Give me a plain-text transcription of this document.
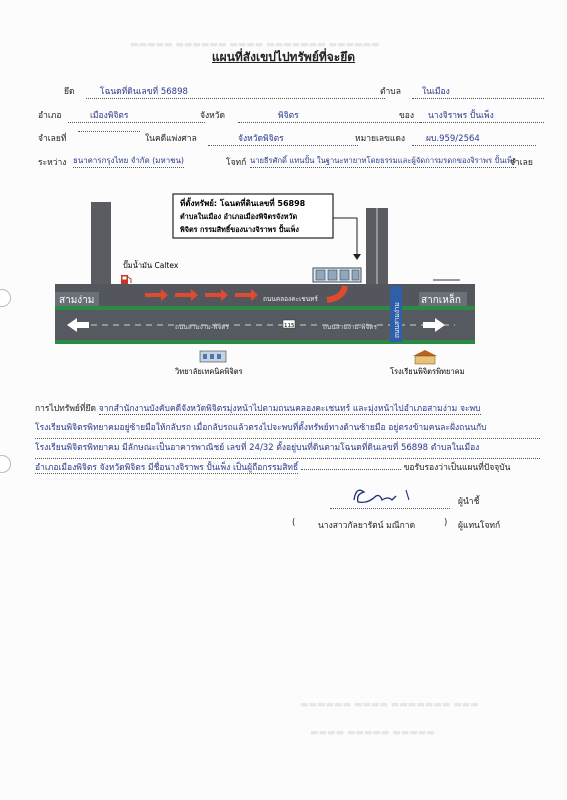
▬▬▬▬▬ ▬▬▬▬▬▬ ▬▬▬▬ ▬▬▬▬▬▬▬ ▬▬▬▬▬▬
▬▬▬▬▬▬ ▬▬▬▬ ▬▬▬▬▬▬▬ ▬▬▬
▬▬▬▬ ▬▬▬▬▬ ▬▬▬▬▬
แผนที่สังเขปไปทรัพย์ที่จะยึด
ยึด	โฉนดที่ดินเลขที่ 56898	ตำบล	ในเมือง
อำเภอ	เมืองพิจิตร	จังหวัด	พิจิตร	ของ	นางจิราพร ปั้นเพ็ง
จำเลยที่	ในคดีแพ่งศาล	จังหวัดพิจิตร	หมายเลขแดง	ผบ.959/2564
ระหว่าง ธนาคารกรุงไทย จำกัด (มหาชน)	โจทก์ นายธีรศักดิ์ แทนปั้น ในฐานะทายาทโดยธรรมและผู้จัดการมรดกของจิราพร ปั้นเพ็ง
จำเลย
ที่ตั้งทรัพย์: โฉนดที่ดินเลขที่ 56898
ตำบลในเมือง อำเภอเมืองพิจิตรจังหวัด
พิจิตร กรรมสิทธิ์ของนางจิราพร ปั้นเพ็ง
ปั๊มน้ำมัน Caltex
ถนนคลองคะเชนทร์
ถนนสามง่าม-พิจิตร	ถนนสามง่าม-พิจิตร
115
สามง่าม	สากเหล็ก
ถนนสามง่าม
วิทยาลัยเทคนิคพิจิตร	โรงเรียนพิจิตรพิทยาคม
การไปทรัพย์ที่ยึด จากสำนักงานบังคับคดีจังหวัดพิจิตรมุ่งหน้าไปตามถนนคลองคะเชนทร์ และมุ่งหน้าไปอำเภอสามง่าม จะพบ
โรงเรียนพิจิตรพิทยาคมอยู่ซ้ายมือให้กลับรถ เมื่อกลับรถแล้วตรงไปจะพบที่ตั้งทรัพย์ทางด้านซ้ายมือ อยู่ตรงข้ามคนละฝั่งถนนกับ
โรงเรียนพิจิตรพิทยาคม มีลักษณะเป็นอาคารพาณิชย์ เลขที่ 24/32 ตั้งอยู่บนที่ดินตามโฉนดที่ดินเลขที่ 56898 ตำบลในเมือง
อำเภอเมืองพิจิตร จังหวัดพิจิตร มีชื่อนางจิราพร ปั้นเพ็ง เป็นผู้ถือกรรมสิทธิ์	ขอรับรองว่าเป็นแผนที่ปัจจุบัน
ผู้นำชี้
(	นางสาวกัลยารัตน์ มณีกาด	) ผู้แทนโจทก์
